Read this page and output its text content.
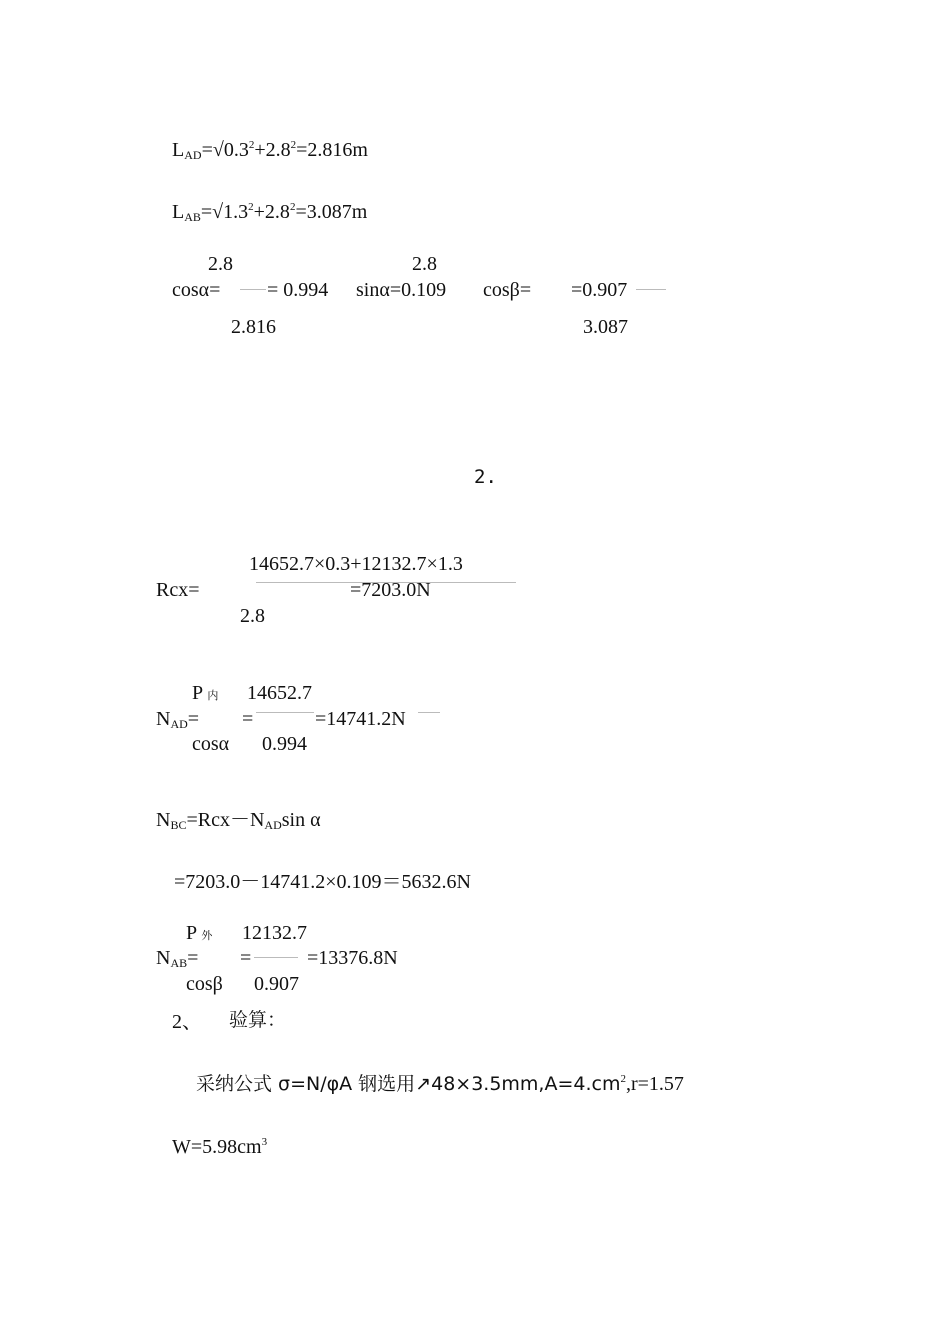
$L_{AD}=√0.3^2+2.8^2=2.816m$
$L_{AB}=√1.3^2+2.8^2=3.087m$
2.8	2.8
cosα= = 0.994 sinα=0.109 cosβ= =0.907
2.816	3.087
2.
14652.7×0.3+12132.7×1.3
Rcx=	=7203.0N
2.8
P 内 14652.7
$N_{AD}=$ =	=14741.2N
cosα 0.994
$N_{BC}=Rcx-N_{AD}\sin$ α
=7203.0－14741.2×0.109＝5632.6N
P 外 12132.7
$N_{AB}=$ =	=13376.8N
cosβ 0.907
2、 验算：
采纳公式 σ=N/φA 钢选用$↗48\times 3.5mm,A=4.cm^2,r=1.57$
$W=5.98cm^3$
